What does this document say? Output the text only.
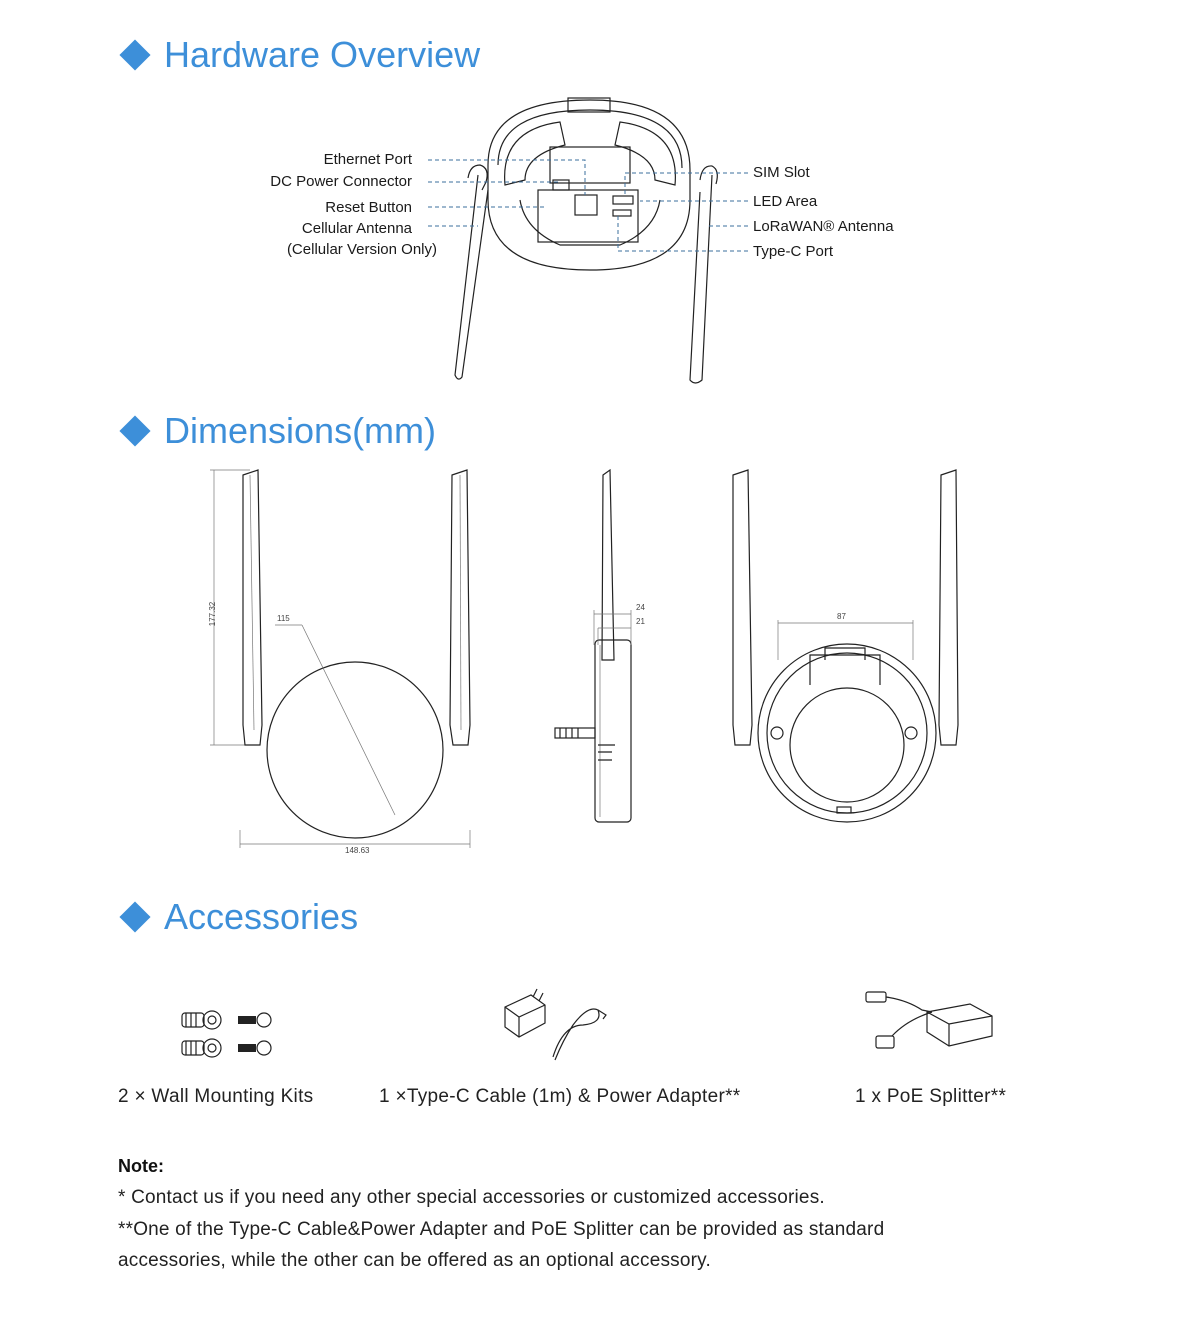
Hardware Overview
Ethernet Port
DC Power Connector
Reset Button
Cellular Antenna
(Cellular Version Only)
SIM Slot
LED Area
LoRaWAN® Antenna
Type-C Port
Dimensions(mm)
177.32	115
148.63
24
21
87
Accessories
2 × Wall Mounting Kits	1 ×Type-C Cable (1m) & Power Adapter**	1 x PoE Splitter**
Note:
* Contact us if you need any other special accessories or customized accessories.
**One of the Type-C Cable&Power Adapter and PoE Splitter can be provided as standard
accessories, while the other can be offered as an optional accessory.
